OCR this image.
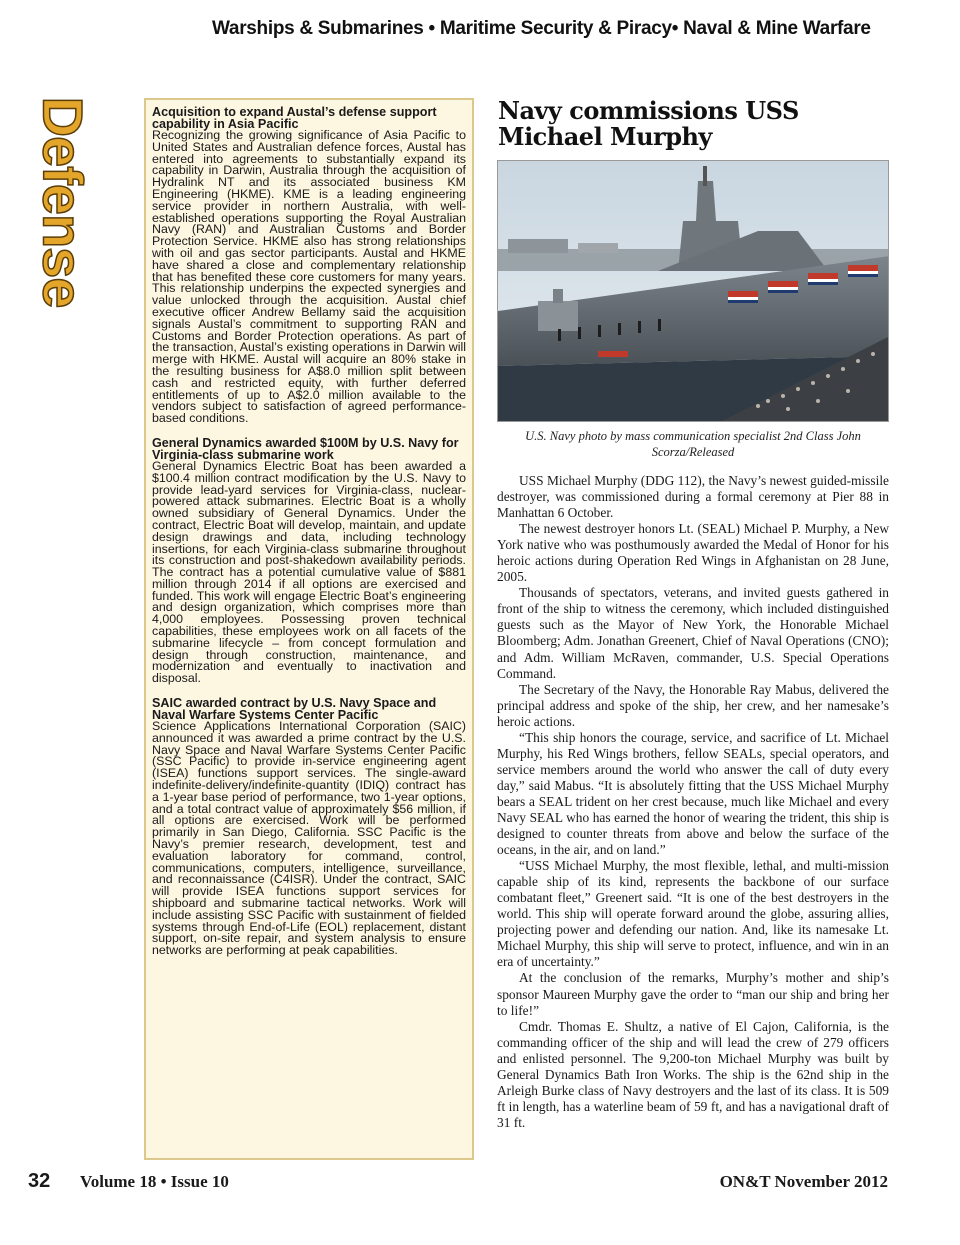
Warships & Submarines • Maritime Security & Piracy• Naval & Mine Warfare
Defense	Acquisition to expand Austal’s defense support capability in Asia Pacific

Recognizing the growing significance of Asia Pacific to United States and Australian defence forces, Austal has entered into agreements to substantially expand its capability in Darwin, Australia through the acquisition of Hydralink NT and its associated business KM Engineering (HKME). KME is a leading engineering service provider in northern Australia, with well-established operations supporting the Royal Australian Navy (RAN) and Australian Customs and Border Protection Service. HKME also has strong relationships with oil and gas sector participants. Austal and HKME have shared a close and complementary relationship that has benefited these core customers for many years. This relationship underpins the expected synergies and value unlocked through the acquisition. Austal chief executive officer Andrew Bellamy said the acquisition signals Austal’s commitment to supporting RAN and Customs and Border Protection operations. As part of the transaction, Austal’s existing operations in Darwin will merge with HKME. Austal will acquire an 80% stake in the resulting business for A$8.0 million split between cash and restricted equity, with further deferred entitlements of up to A$2.0 million available to the vendors subject to satisfaction of agreed performance-based conditions.

General Dynamics awarded $100M by U.S. Navy for Virginia-class submarine work

General Dynamics Electric Boat has been awarded a $100.4 million contract modification by the U.S. Navy to provide lead-yard services for Virginia-class, nuclear-powered attack submarines. Electric Boat is a wholly owned subsidiary of General Dynamics. Under the contract, Electric Boat will develop, maintain, and update design drawings and data, including technology insertions, for each Virginia-class submarine throughout its construction and post-shakedown availability periods. The contract has a potential cumulative value of $881 million through 2014 if all options are exercised and funded. This work will engage Electric Boat’s engineering and design organization, which comprises more than 4,000 employees. Possessing proven technical capabilities, these employees work on all facets of the submarine lifecycle – from concept formulation and design through construction, maintenance, and modernization and eventually to inactivation and disposal.

SAIC awarded contract by U.S. Navy Space and Naval Warfare Systems Center Pacific

Science Applications International Corporation (SAIC) announced it was awarded a prime contract by the U.S. Navy Space and Naval Warfare Systems Center Pacific (SSC Pacific) to provide in-service engineering agent (ISEA) functions support services. The single-award indefinite-delivery/indefinite-quantity (IDIQ) contract has a 1-year base period of performance, two 1-year options, and a total contract value of approximately $56 million, if all options are exercised. Work will be performed primarily in San Diego, California. SSC Pacific is the Navy’s premier research, development, test and evaluation laboratory for command, control, communications, computers, intelligence, surveillance, and reconnaissance (C4ISR). Under the contract, SAIC will provide ISEA functions support services for shipboard and submarine tactical networks. Work will include assisting SSC Pacific with sustainment of fielded systems through End-of-Life (EOL) replacement, distant support, on-site repair, and system analysis to ensure networks are performing at peak capabilities.

Navy commissions USS Michael Murphy
U.S. Navy photo by mass communication specialist 2nd Class John Scorza/Released

USS Michael Murphy (DDG 112), the Navy’s newest guided-missile destroyer, was commissioned during a formal ceremony at Pier 88 in Manhattan 6 October.

The newest destroyer honors Lt. (SEAL) Michael P. Murphy, a New York native who was posthumously awarded the Medal of Honor for his heroic actions during Operation Red Wings in Afghanistan on 28 June, 2005.

Thousands of spectators, veterans, and invited guests gathered in front of the ship to witness the ceremony, which included distinguished guests such as the Mayor of New York, the Honorable Michael Bloomberg; Adm. Jonathan Greenert, Chief of Naval Operations (CNO); and Adm. William McRaven, commander, U.S. Special Operations Command.

The Secretary of the Navy, the Honorable Ray Mabus, delivered the principal address and spoke of the ship, her crew, and her namesake’s heroic actions.

“This ship honors the courage, service, and sacrifice of Lt. Michael Murphy, his Red Wings brothers, fellow SEALs, special operators, and service members around the world who answer the call of duty every day,” said Mabus. “It is absolutely fitting that the USS Michael Murphy bears a SEAL trident on her crest because, much like Michael and every Navy SEAL who has earned the honor of wearing the trident, this ship is designed to counter threats from above and below the surface of the oceans, in the air, and on land.”

“USS Michael Murphy, the most flexible, lethal, and multi-mission capable ship of its kind, represents the backbone of our surface combatant fleet,” Greenert said. “It is one of the best destroyers in the world. This ship will operate forward around the globe, assuring allies, projecting power and defending our nation. And, like its namesake Lt. Michael Murphy, this ship will serve to protect, influence, and win in an era of uncertainty.”

At the conclusion of the remarks, Murphy’s mother and ship’s sponsor Maureen Murphy gave the order to “man our ship and bring her to life!”

Cmdr. Thomas E. Shultz, a native of El Cajon, California, is the commanding officer of the ship and will lead the crew of 279 officers and enlisted personnel. The 9,200-ton Michael Murphy was built by General Dynamics Bath Iron Works. The ship is the 62nd ship in the Arleigh Burke class of Navy destroyers and the last of its class. It is 509 ft in length, has a waterline beam of 59 ft, and has a navigational draft of 31 ft.

32 Volume 18 • Issue 10	ON&T November 2012
